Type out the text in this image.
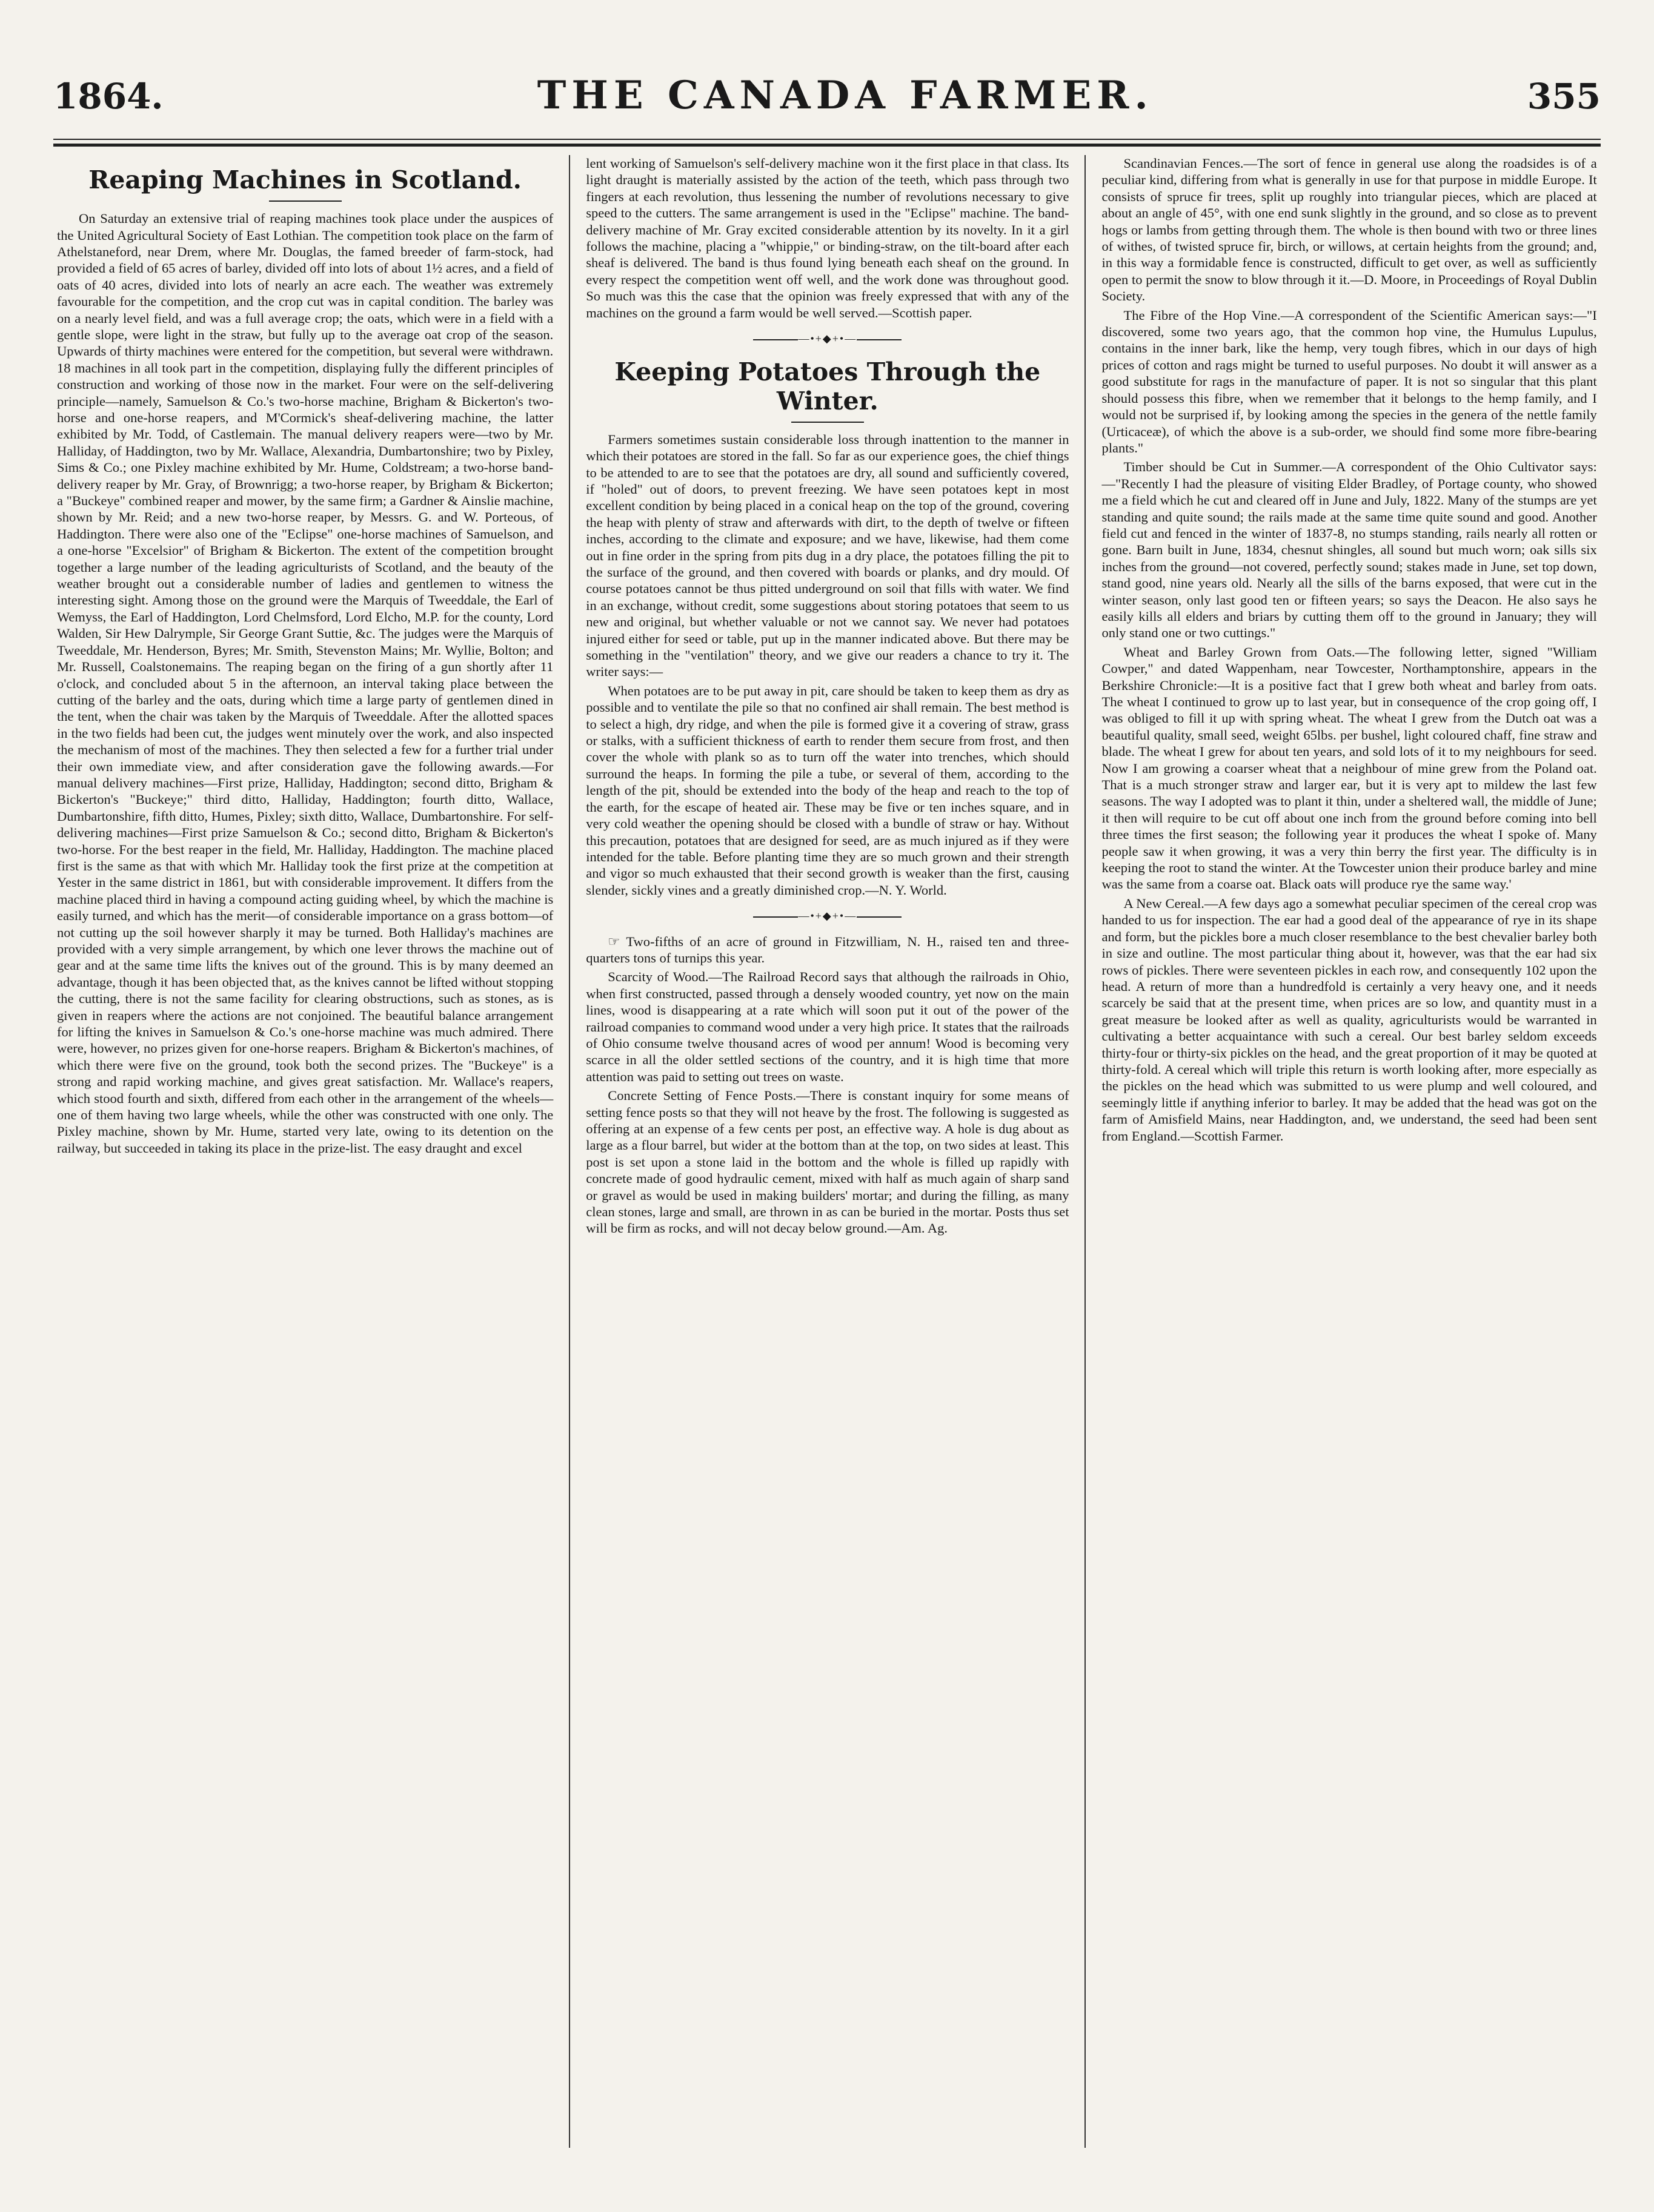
1864.	THE CANADA FARMER.	355
Reaping Machines in Scotland.

On Saturday an extensive trial of reaping machines took place under the auspices of the United Agricultural Society of East Lothian. The competition took place on the farm of Athelstaneford, near Drem, where Mr. Douglas, the famed breeder of farm-stock, had provided a field of 65 acres of barley, divided off into lots of about 1½ acres, and a field of oats of 40 acres, divided into lots of nearly an acre each. The weather was extremely favourable for the competition, and the crop cut was in capital condition. The barley was on a nearly level field, and was a full average crop; the oats, which were in a field with a gentle slope, were light in the straw, but fully up to the average oat crop of the season. Upwards of thirty machines were entered for the competition, but several were withdrawn. 18 machines in all took part in the competition, displaying fully the different principles of construction and working of those now in the market. Four were on the self-delivering principle—namely, Samuelson & Co.'s two-horse machine, Brigham & Bickerton's two-horse and one-horse reapers, and M'Cormick's sheaf-delivering machine, the latter exhibited by Mr. Todd, of Castlemain. The manual delivery reapers were—two by Mr. Halliday, of Haddington, two by Mr. Wallace, Alexandria, Dumbartonshire; two by Pixley, Sims & Co.; one Pixley machine exhibited by Mr. Hume, Coldstream; a two-horse band-delivery reaper by Mr. Gray, of Brownrigg; a two-horse reaper, by Brigham & Bickerton; a "Buckeye" combined reaper and mower, by the same firm; a Gardner & Ainslie machine, shown by Mr. Reid; and a new two-horse reaper, by Messrs. G. and W. Porteous, of Haddington. There were also one of the "Eclipse" one-horse machines of Samuelson, and a one-horse "Excelsior" of Brigham & Bickerton. The extent of the competition brought together a large number of the leading agriculturists of Scotland, and the beauty of the weather brought out a considerable number of ladies and gentlemen to witness the interesting sight. Among those on the ground were the Marquis of Tweeddale, the Earl of Wemyss, the Earl of Haddington, Lord Chelmsford, Lord Elcho, M.P. for the county, Lord Walden, Sir Hew Dalrymple, Sir George Grant Suttie, &c. The judges were the Marquis of Tweeddale, Mr. Henderson, Byres; Mr. Smith, Stevenston Mains; Mr. Wyllie, Bolton; and Mr. Russell, Coalstonemains. The reaping began on the firing of a gun shortly after 11 o'clock, and concluded about 5 in the afternoon, an interval taking place between the cutting of the barley and the oats, during which time a large party of gentlemen dined in the tent, when the chair was taken by the Marquis of Tweeddale. After the allotted spaces in the two fields had been cut, the judges went minutely over the work, and also inspected the mechanism of most of the machines. They then selected a few for a further trial under their own immediate view, and after consideration gave the following awards.—For manual delivery machines—First prize, Halliday, Haddington; second ditto, Brigham & Bickerton's "Buckeye;" third ditto, Halliday, Haddington; fourth ditto, Wallace, Dumbartonshire, fifth ditto, Humes, Pixley; sixth ditto, Wallace, Dumbartonshire. For self-delivering machines—First prize Samuelson & Co.; second ditto, Brigham & Bickerton's two-horse. For the best reaper in the field, Mr. Halliday, Haddington. The machine placed first is the same as that with which Mr. Halliday took the first prize at the competition at Yester in the same district in 1861, but with considerable improvement. It differs from the machine placed third in having a compound acting guiding wheel, by which the machine is easily turned, and which has the merit—of considerable importance on a grass bottom—of not cutting up the soil however sharply it may be turned. Both Halliday's machines are provided with a very simple arrangement, by which one lever throws the machine out of gear and at the same time lifts the knives out of the ground. This is by many deemed an advantage, though it has been objected that, as the knives cannot be lifted without stopping the cutting, there is not the same facility for clearing obstructions, such as stones, as is given in reapers where the actions are not conjoined. The beautiful balance arrangement for lifting the knives in Samuelson & Co.'s one-horse machine was much admired. There were, however, no prizes given for one-horse reapers. Brigham & Bickerton's machines, of which there were five on the ground, took both the second prizes. The "Buckeye" is a strong and rapid working machine, and gives great satisfaction. Mr. Wallace's reapers, which stood fourth and sixth, differed from each other in the arrangement of the wheels—one of them having two large wheels, while the other was constructed with one only. The Pixley machine, shown by Mr. Hume, started very late, owing to its detention on the railway, but succeeded in taking its place in the prize-list. The easy draught and excel

lent working of Samuelson's self-delivery machine won it the first place in that class. Its light draught is materially assisted by the action of the teeth, which pass through two fingers at each revolution, thus lessening the number of revolutions necessary to give speed to the cutters. The same arrangement is used in the "Eclipse" machine. The band-delivery machine of Mr. Gray excited considerable attention by its novelty. In it a girl follows the machine, placing a "whippie," or binding-straw, on the tilt-board after each sheaf is delivered. The band is thus found lying beneath each sheaf on the ground. In every respect the competition went off well, and the work done was throughout good. So much was this the case that the opinion was freely expressed that with any of the machines on the ground a farm would be well served.—Scottish paper.

—•+◆+•—
Keeping Potatoes Through the Winter.

Farmers sometimes sustain considerable loss through inattention to the manner in which their potatoes are stored in the fall. So far as our experience goes, the chief things to be attended to are to see that the potatoes are dry, all sound and sufficiently covered, if "holed" out of doors, to prevent freezing. We have seen potatoes kept in most excellent condition by being placed in a conical heap on the top of the ground, covering the heap with plenty of straw and afterwards with dirt, to the depth of twelve or fifteen inches, according to the climate and exposure; and we have, likewise, had them come out in fine order in the spring from pits dug in a dry place, the potatoes filling the pit to the surface of the ground, and then covered with boards or planks, and dry mould. Of course potatoes cannot be thus pitted underground on soil that fills with water. We find in an exchange, without credit, some suggestions about storing potatoes that seem to us new and original, but whether valuable or not we cannot say. We never had potatoes injured either for seed or table, put up in the manner indicated above. But there may be something in the "ventilation" theory, and we give our readers a chance to try it. The writer says:—

When potatoes are to be put away in pit, care should be taken to keep them as dry as possible and to ventilate the pile so that no confined air shall remain. The best method is to select a high, dry ridge, and when the pile is formed give it a covering of straw, grass or stalks, with a sufficient thickness of earth to render them secure from frost, and then cover the whole with plank so as to turn off the water into trenches, which should surround the heaps. In forming the pile a tube, or several of them, according to the length of the pit, should be extended into the body of the heap and reach to the top of the earth, for the escape of heated air. These may be five or ten inches square, and in very cold weather the opening should be closed with a bundle of straw or hay. Without this precaution, potatoes that are designed for seed, are as much injured as if they were intended for the table. Before planting time they are so much grown and their strength and vigor so much exhausted that their second growth is weaker than the first, causing slender, sickly vines and a greatly diminished crop.—N. Y. World.

—•+◆+•—

☞ Two-fifths of an acre of ground in Fitzwilliam, N. H., raised ten and three-quarters tons of turnips this year.

Scarcity of Wood.—The Railroad Record says that although the railroads in Ohio, when first constructed, passed through a densely wooded country, yet now on the main lines, wood is disappearing at a rate which will soon put it out of the power of the railroad companies to command wood under a very high price. It states that the railroads of Ohio consume twelve thousand acres of wood per annum! Wood is becoming very scarce in all the older settled sections of the country, and it is high time that more attention was paid to setting out trees on waste.

Concrete Setting of Fence Posts.—There is constant inquiry for some means of setting fence posts so that they will not heave by the frost. The following is suggested as offering at an expense of a few cents per post, an effective way. A hole is dug about as large as a flour barrel, but wider at the bottom than at the top, on two sides at least. This post is set upon a stone laid in the bottom and the whole is filled up rapidly with concrete made of good hydraulic cement, mixed with half as much again of sharp sand or gravel as would be used in making builders' mortar; and during the filling, as many clean stones, large and small, are thrown in as can be buried in the mortar. Posts thus set will be firm as rocks, and will not decay below ground.—Am. Ag.

Scandinavian Fences.—The sort of fence in general use along the roadsides is of a peculiar kind, differing from what is generally in use for that purpose in middle Europe. It consists of spruce fir trees, split up roughly into triangular pieces, which are placed at about an angle of 45°, with one end sunk slightly in the ground, and so close as to prevent hogs or lambs from getting through them. The whole is then bound with two or three lines of withes, of twisted spruce fir, birch, or willows, at certain heights from the ground; and, in this way a formidable fence is constructed, difficult to get over, as well as sufficiently open to permit the snow to blow through it it.—D. Moore, in Proceedings of Royal Dublin Society.

The Fibre of the Hop Vine.—A correspondent of the Scientific American says:—"I discovered, some two years ago, that the common hop vine, the Humulus Lupulus, contains in the inner bark, like the hemp, very tough fibres, which in our days of high prices of cotton and rags might be turned to useful purposes. No doubt it will answer as a good substitute for rags in the manufacture of paper. It is not so singular that this plant should possess this fibre, when we remember that it belongs to the hemp family, and I would not be surprised if, by looking among the species in the genera of the nettle family (Urticaceæ), of which the above is a sub-order, we should find some more fibre-bearing plants."

Timber should be Cut in Summer.—A correspondent of the Ohio Cultivator says:—"Recently I had the pleasure of visiting Elder Bradley, of Portage county, who showed me a field which he cut and cleared off in June and July, 1822. Many of the stumps are yet standing and quite sound; the rails made at the same time quite sound and good. Another field cut and fenced in the winter of 1837-8, no stumps standing, rails nearly all rotten or gone. Barn built in June, 1834, chesnut shingles, all sound but much worn; oak sills six inches from the ground—not covered, perfectly sound; stakes made in June, set top down, stand good, nine years old. Nearly all the sills of the barns exposed, that were cut in the winter season, only last good ten or fifteen years; so says the Deacon. He also says he easily kills all elders and briars by cutting them off to the ground in January; they will only stand one or two cuttings."

Wheat and Barley Grown from Oats.—The following letter, signed "William Cowper," and dated Wappenham, near Towcester, Northamptonshire, appears in the Berkshire Chronicle:—It is a positive fact that I grew both wheat and barley from oats. The wheat I continued to grow up to last year, but in consequence of the crop going off, I was obliged to fill it up with spring wheat. The wheat I grew from the Dutch oat was a beautiful quality, small seed, weight 65lbs. per bushel, light coloured chaff, fine straw and blade. The wheat I grew for about ten years, and sold lots of it to my neighbours for seed. Now I am growing a coarser wheat that a neighbour of mine grew from the Poland oat. That is a much stronger straw and larger ear, but it is very apt to mildew the last few seasons. The way I adopted was to plant it thin, under a sheltered wall, the middle of June; it then will require to be cut off about one inch from the ground before coming into bell three times the first season; the following year it produces the wheat I spoke of. Many people saw it when growing, it was a very thin berry the first year. The difficulty is in keeping the root to stand the winter. At the Towcester union their produce barley and mine was the same from a coarse oat. Black oats will produce rye the same way.'

A New Cereal.—A few days ago a somewhat peculiar specimen of the cereal crop was handed to us for inspection. The ear had a good deal of the appearance of rye in its shape and form, but the pickles bore a much closer resemblance to the best chevalier barley both in size and outline. The most particular thing about it, however, was that the ear had six rows of pickles. There were seventeen pickles in each row, and consequently 102 upon the head. A return of more than a hundredfold is certainly a very heavy one, and it needs scarcely be said that at the present time, when prices are so low, and quantity must in a great measure be looked after as well as quality, agriculturists would be warranted in cultivating a better acquaintance with such a cereal. Our best barley seldom exceeds thirty-four or thirty-six pickles on the head, and the great proportion of it may be quoted at thirty-fold. A cereal which will triple this return is worth looking after, more especially as the pickles on the head which was submitted to us were plump and well coloured, and seemingly little if anything inferior to barley. It may be added that the head was got on the farm of Amisfield Mains, near Haddington, and, we understand, the seed had been sent from England.—Scottish Farmer.
